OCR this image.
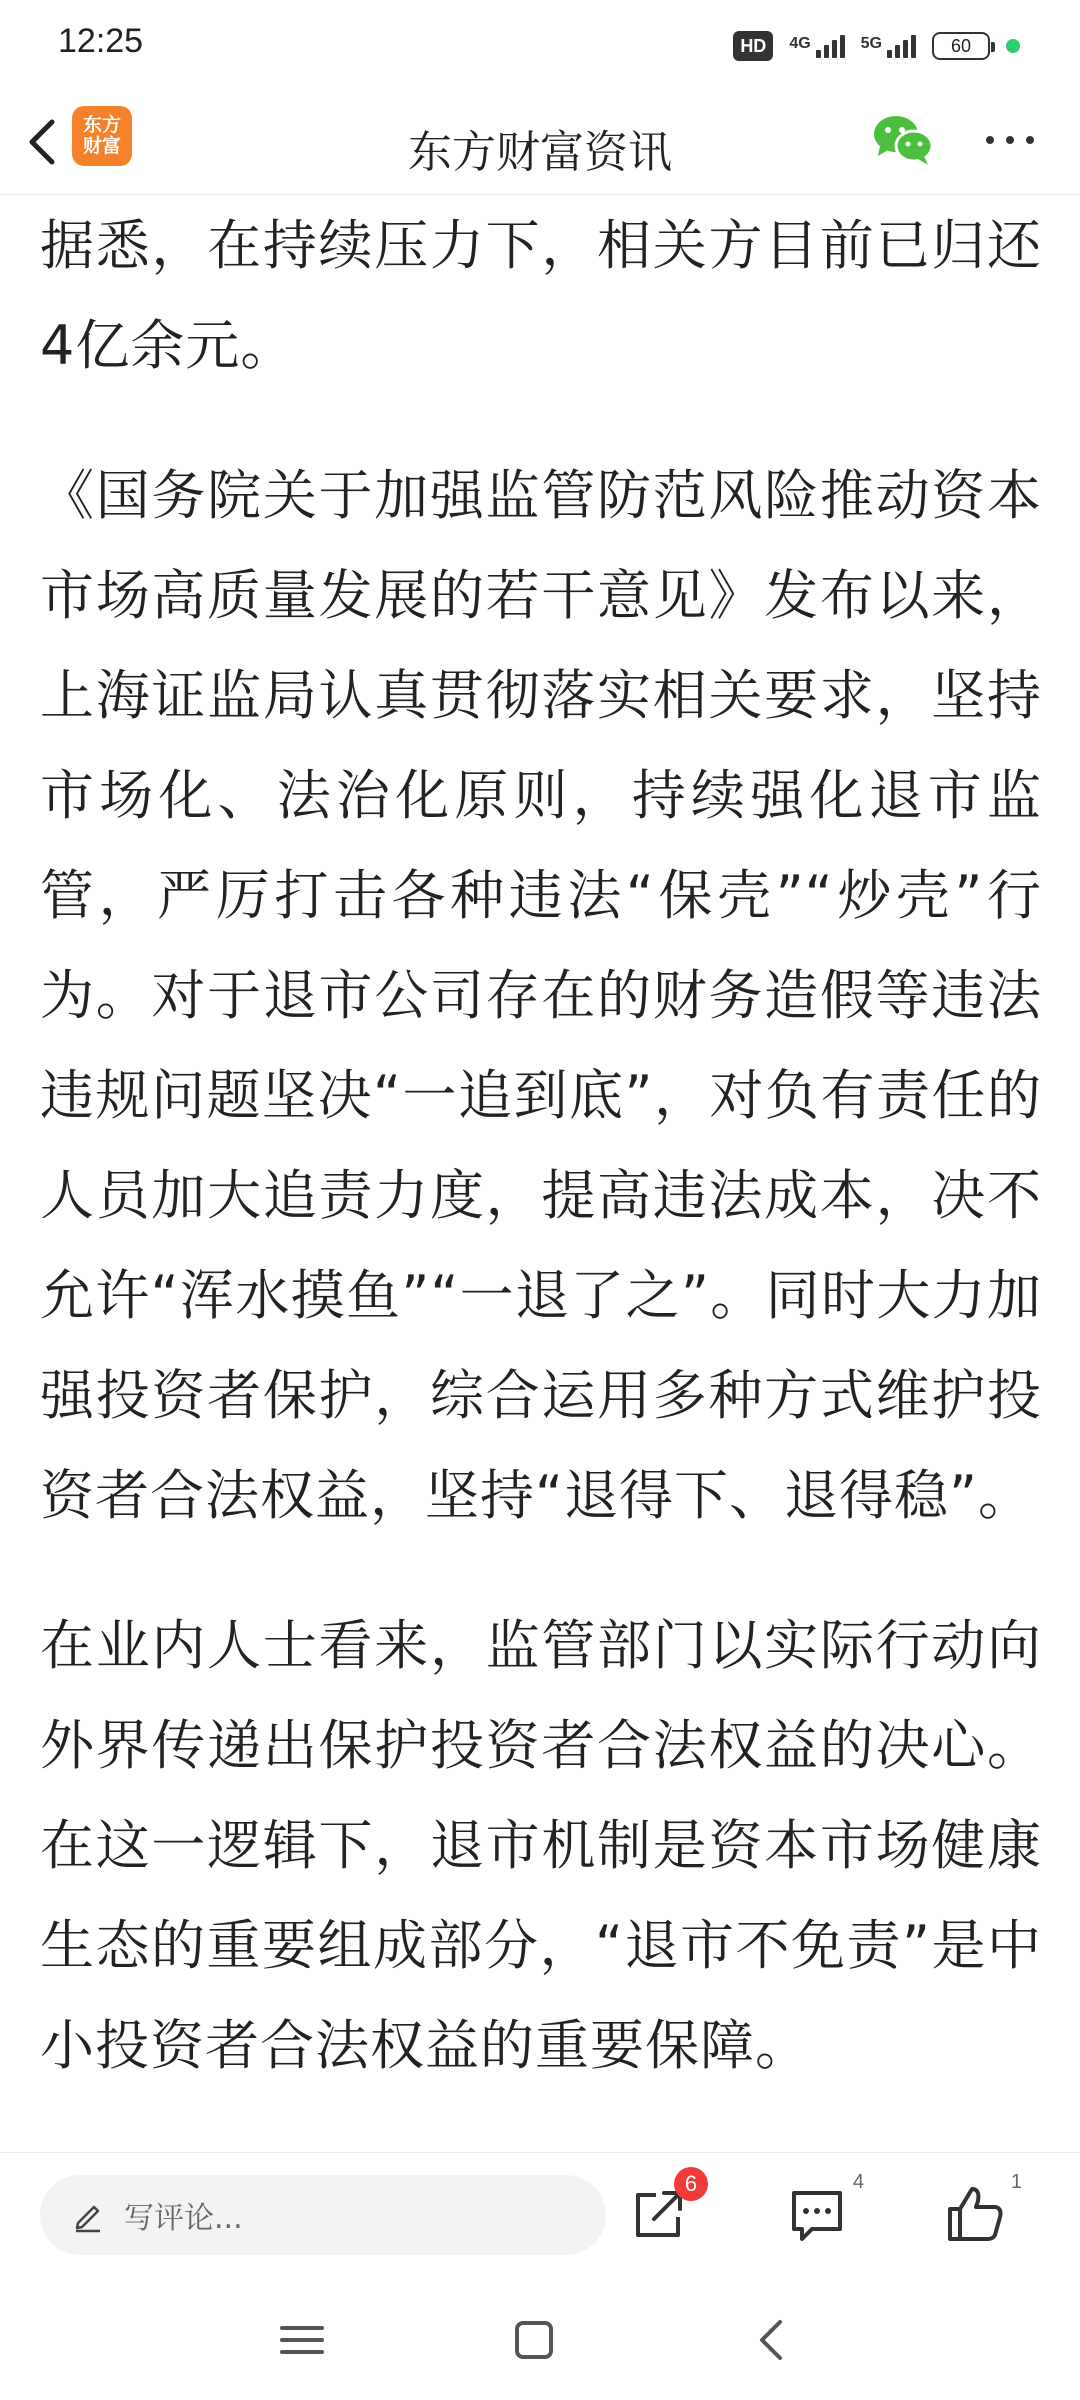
12:25	HD	4G	5G	60
东方
财富	东方财富资讯

据悉，在持续压力下，相关方目前已归还4亿余元。

《国务院关于加强监管防范风险推动资本市场高质量发展的若干意见》发布以来，上海证监局认真贯彻落实相关要求，坚持市场化、法治化原则，持续强化退市监管，严厉打击各种违法“保壳”“炒壳”行为。对于退市公司存在的财务造假等违法违规问题坚决“一追到底”，对负有责任的人员加大追责力度，提高违法成本，决不允许“浑水摸鱼”“一退了之”。同时大力加强投资者保护，综合运用多种方式维护投资者合法权益，坚持“退得下、退得稳”。

在业内人士看来，监管部门以实际行动向外界传递出保护投资者合法权益的决心。在这一逻辑下，退市机制是资本市场健康生态的重要组成部分，“退市不免责”是中小投资者合法权益的重要保障。

写评论...
6	4	1
